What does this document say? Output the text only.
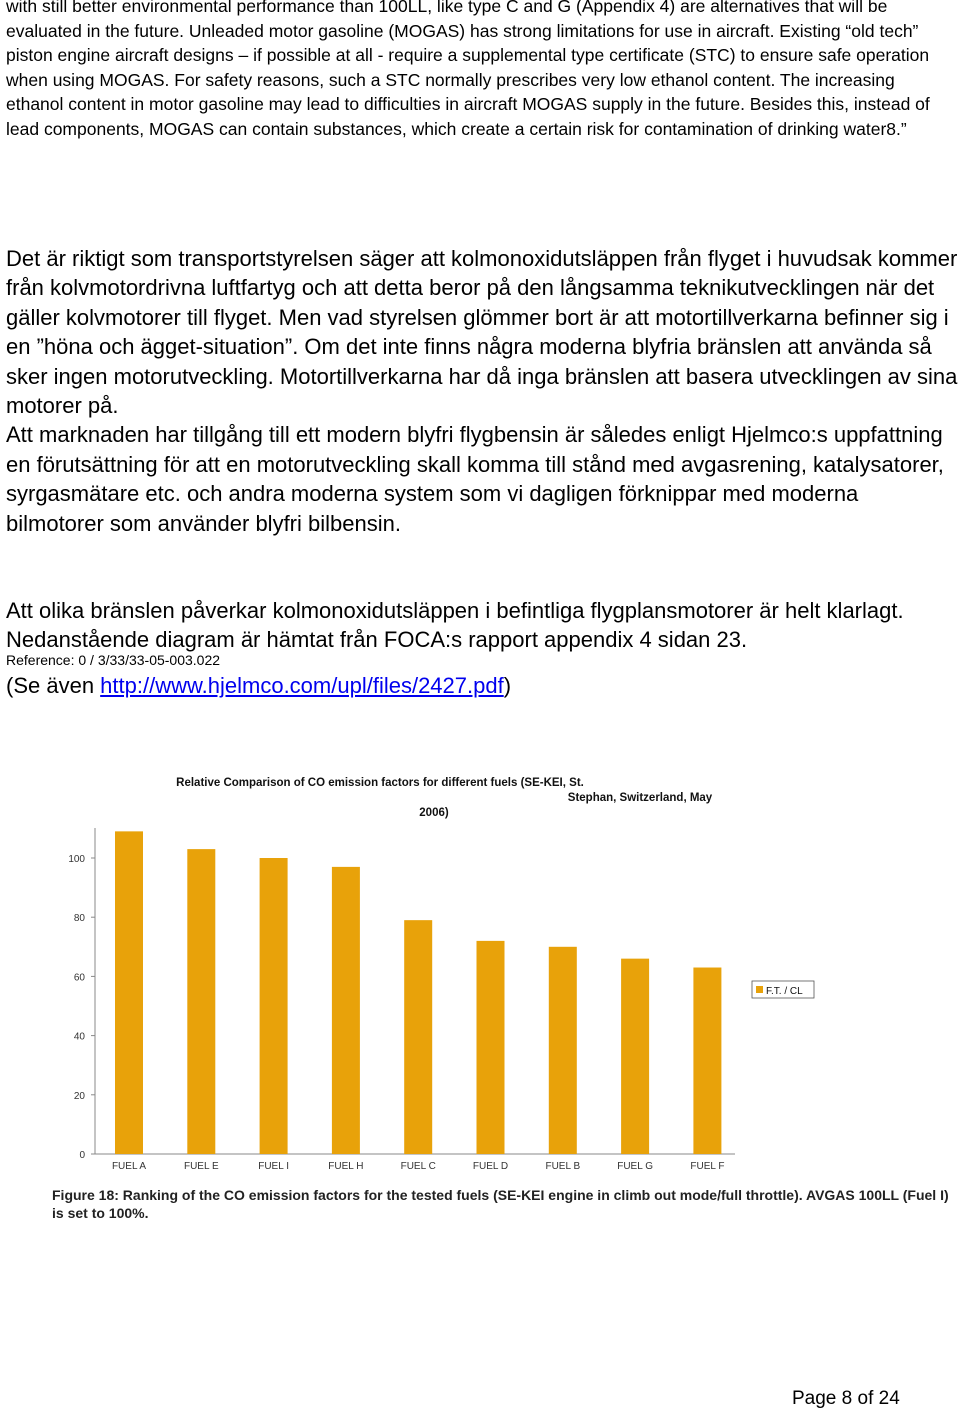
with still better environmental performance than 100LL, like type C and G (Appendix 4) are alternatives that will be evaluated in the future. Unleaded motor gasoline (MOGAS) has strong limitations for use in aircraft. Existing “old tech” piston engine aircraft designs – if possible at all - require a supplemental type certificate (STC) to ensure safe operation when using MOGAS. For safety reasons, such a STC normally prescribes very low ethanol content. The increasing ethanol content in motor gasoline may lead to difficulties in aircraft MOGAS supply in the future. Besides this, instead of lead components, MOGAS can contain substances, which create a certain risk for contamination of drinking water8.”

Det är riktigt som transportstyrelsen säger att kolmonoxidutsläppen från flyget i huvudsak kommer från kolvmotordrivna luftfartyg och att detta beror på den långsamma teknikutvecklingen när det gäller kolvmotorer till flyget. Men vad styrelsen glömmer bort är att motortillverkarna befinner sig i en ”höna och ägget-situation”. Om det inte finns några moderna blyfria bränslen att använda så sker ingen motorutveckling. Motortillverkarna har då inga bränslen att basera utvecklingen av sina motorer på.

Att marknaden har tillgång till ett modern blyfri flygbensin är således enligt Hjelmco:s uppfattning en förutsättning för att en motorutveckling skall komma till stånd med avgasrening, katalysatorer, syrgasmätare etc. och andra moderna system som vi dagligen förknippar med moderna bilmotorer som använder blyfri bilbensin.

Att olika bränslen påverkar kolmonoxidutsläppen i befintliga flygplansmotorer är helt klarlagt. Nedanstående diagram är hämtat från FOCA:s rapport appendix 4 sidan 23.

Reference: 0 / 3/33/33-05-003.022
(Se även http://www.hjelmco.com/upl/files/2427.pdf)
Relative Comparison of CO emission factors for different fuels (SE-KEI, St. Stephan, Switzerland, May 2006)
0
20
40
60
80
100
FUEL A	FUEL E	FUEL I	FUEL H	FUEL C	FUEL D	FUEL B	FUEL G	FUEL F
F.T. / CL
Figure 18: Ranking of the CO emission factors for the tested fuels (SE-KEI engine in climb out mode/full throttle). AVGAS 100LL (Fuel I) is set to 100%.
Page 8 of 24
